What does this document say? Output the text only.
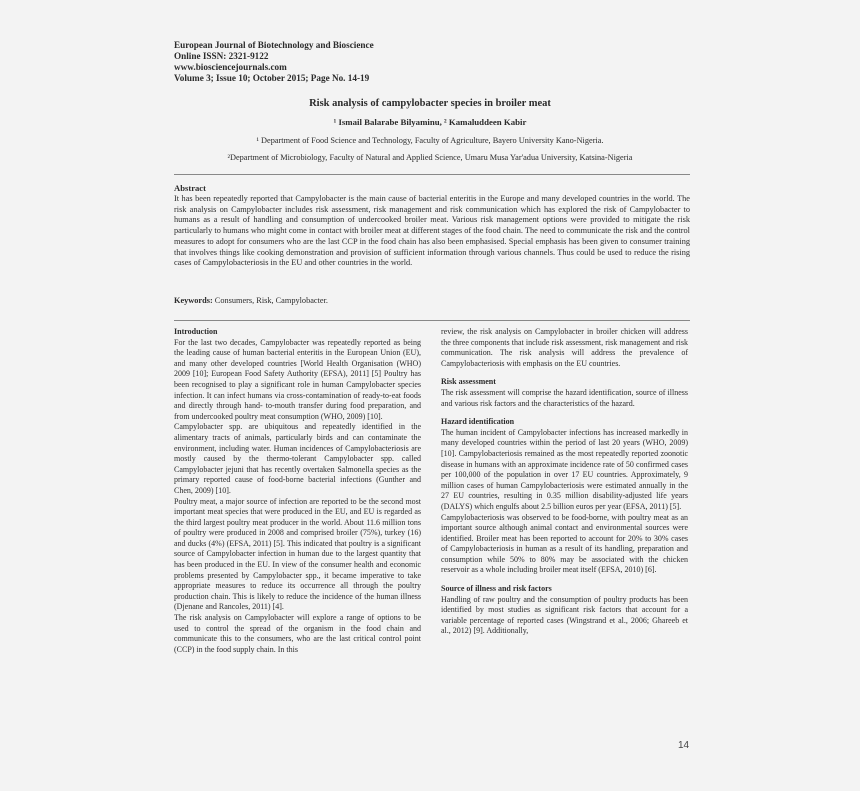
European Journal of Biotechnology and Bioscience
Online ISSN: 2321-9122
www.biosciencejournals.com
Volume 3; Issue 10; October 2015; Page No. 14-19
Risk analysis of campylobacter species in broiler meat
¹ Ismail Balarabe Bilyaminu, ² Kamaluddeen Kabir
¹ Department of Food Science and Technology, Faculty of Agriculture, Bayero University Kano-Nigeria.
²Department of Microbiology, Faculty of Natural and Applied Science, Umaru Musa Yar'adua University, Katsina-Nigeria
Abstract
It has been repeatedly reported that Campylobacter is the main cause of bacterial enteritis in the Europe and many developed countries in the world. The risk analysis on Campylobacter includes risk assessment, risk management and risk communication which has explored the risk of Campylobacter to humans as a result of handling and consumption of undercooked broiler meat. Various risk management options were provided to mitigate the risk particularly to humans who might come in contact with broiler meat at different stages of the food chain. The need to communicate the risk and the control measures to adopt for consumers who are the last CCP in the food chain has also been emphasised. Special emphasis has been given to consumer training that involves things like cooking demonstration and provision of sufficient information through various channels. Thus could be used to reduce the rising cases of Campylobacteriosis in the EU and other countries in the world.
Keywords: Consumers, Risk, Campylobacter.

Introduction

For the last two decades, Campylobacter was repeatedly reported as being the leading cause of human bacterial enteritis in the European Union (EU), and many other developed countries [World Health Organisation (WHO) 2009 [10]; European Food Safety Authority (EFSA), 2011] [5] Poultry has been recognised to play a significant role in human Campylobacter species infection. It can infect humans via cross-contamination of ready-to-eat foods and directly through hand- to-mouth transfer during food preparation, and from undercooked poultry meat consumption (WHO, 2009) [10].

Campylobacter spp. are ubiquitous and repeatedly identified in the alimentary tracts of animals, particularly birds and can contaminate the environment, including water. Human incidences of Campylobacteriosis are mostly caused by the thermo-tolerant Campylobacter spp. called Campylobacter jejuni that has recently overtaken Salmonella species as the primary reported cause of food-borne bacterial infections (Gunther and Chen, 2009) [10].

Poultry meat, a major source of infection are reported to be the second most important meat species that were produced in the EU, and EU is regarded as the third largest poultry meat producer in the world. About 11.6 million tons of poultry were produced in 2008 and comprised broiler (75%), turkey (16) and ducks (4%) (EFSA, 2011) [5]. This indicated that poultry is a significant source of Campylobacter infection in human due to the largest quantity that has been produced in the EU. In view of the consumer health and economic problems presented by Campylobacter spp., it became imperative to take appropriate measures to reduce its occurrence all through the poultry production chain. This is likely to reduce the incidence of the human illness (Djenane and Rancoles, 2011) [4].

The risk analysis on Campylobacter will explore a range of options to be used to control the spread of the organism in the food chain and communicate this to the consumers, who are the last critical control point (CCP) in the food supply chain. In this

review, the risk analysis on Campylobacter in broiler chicken will address the three components that include risk assessment, risk management and risk communication. The risk analysis will address the prevalence of Campylobacteriosis with emphasis on the EU countries.

Risk assessment

The risk assessment will comprise the hazard identification, source of illness and various risk factors and the characteristics of the hazard.

Hazard identification

The human incident of Campylobacter infections has increased markedly in many developed countries within the period of last 20 years (WHO, 2009)[10]. Campylobacteriosis remained as the most repeatedly reported zoonotic disease in humans with an approximate incidence rate of 50 confirmed cases per 100,000 of the population in over 17 EU countries. Approximately, 9 million cases of human Campylobacteriosis were estimated annually in the 27 EU countries, resulting in 0.35 million disability-adjusted life years (DALYS) which engulfs about 2.5 billion euros per year (EFSA, 2011) [5].

Campylobacteriosis was observed to be food-borne, with poultry meat as an important source although animal contact and environmental sources were identified. Broiler meat has been reported to account for 20% to 30% cases of Campylobacteriosis in human as a result of its handling, preparation and consumption while 50% to 80% may be associated with the chicken reservoir as a whole including broiler meat itself (EFSA, 2010) [6].

Source of illness and risk factors

Handling of raw poultry and the consumption of poultry products has been identified by most studies as significant risk factors that account for a variable percentage of reported cases (Wingstrand et al., 2006; Ghareeb et al., 2012) [9]. Additionally,

14
